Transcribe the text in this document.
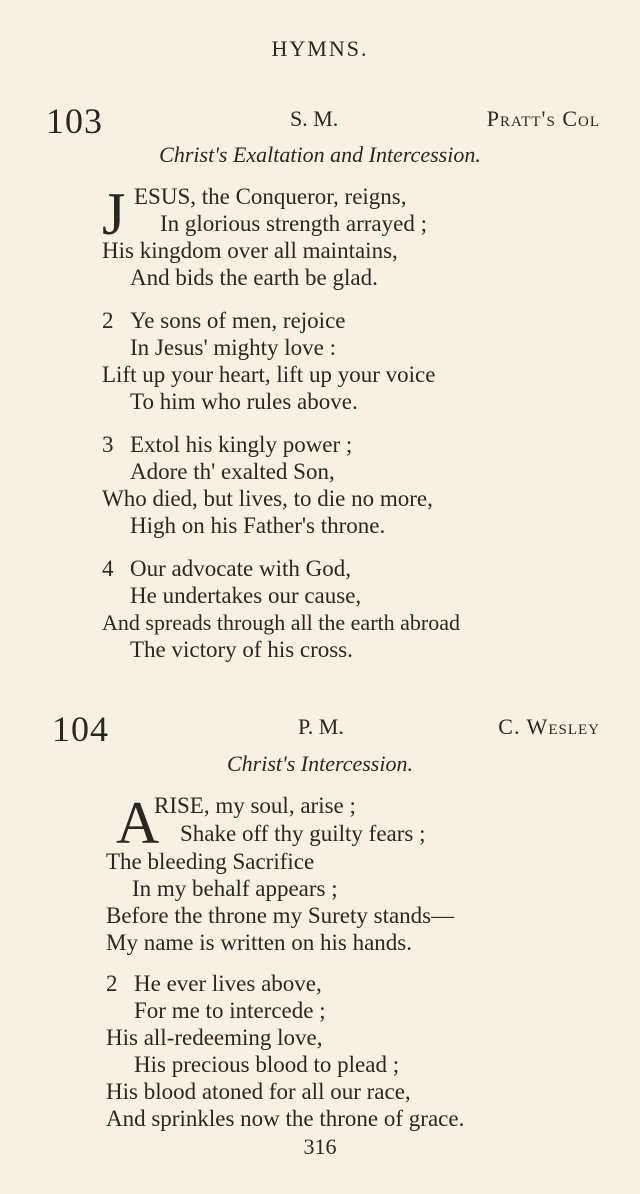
HYMNS.
103	S. M.	Pratt's Col
Christ's Exaltation and Intercession.
J ESUS, the Conqueror, reigns,
In glorious strength arrayed ;
His kingdom over all maintains,
And bids the earth be glad.
2 Ye sons of men, rejoice
In Jesus' mighty love :
Lift up your heart, lift up your voice
To him who rules above.
3 Extol his kingly power ;
Adore th' exalted Son,
Who died, but lives, to die no more,
High on his Father's throne.
4 Our advocate with God,
He undertakes our cause,
And spreads through all the earth abroad
The victory of his cross.
104	P. M.	C. Wesley
Christ's Intercession.
A
RISE, my soul, arise ;
Shake off thy guilty fears ;
The bleeding Sacrifice
In my behalf appears ;
Before the throne my Surety stands—
My name is written on his hands.
2 He ever lives above,
For me to intercede ;
His all-redeeming love,
His precious blood to plead ;
His blood atoned for all our race,
And sprinkles now the throne of grace.
316
